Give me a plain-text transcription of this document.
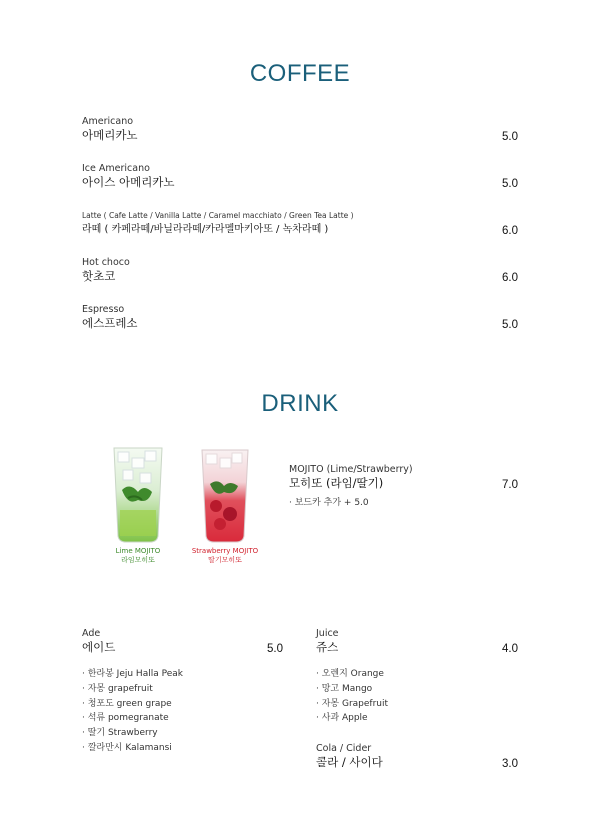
COFFEE
Americano
아메리카노	5.0
Ice Americano
아이스 아메리카노	5.0
Latte ( Cafe Latte / Vanilla Latte / Caramel macchiato / Green Tea Latte )
라떼 ( 카페라떼/바닐라라떼/카라멜마키아또 / 녹차라떼 )	6.0
Hot choco
핫초코	6.0
Espresso
에스프레소	5.0
DRINK
Lime MOJITO
라임모히또
Strawberry MOJITO
딸기모히또
MOJITO (Lime/Strawberry)
모히또 (라임/딸기)	7.0
· 보드카 추가 + 5.0
Ade
에이드	5.0
· 한라봉 Jeju Halla Peak
· 자몽 grapefruit
· 청포도 green grape
· 석류 pomegranate
· 딸기 Strawberry
· 깔라만시 Kalamansi
Juice
쥬스	4.0
· 오렌지 Orange
· 망고 Mango
· 자몽 Grapefruit
· 사과 Apple
Cola / Cider
콜라 / 사이다	3.0
